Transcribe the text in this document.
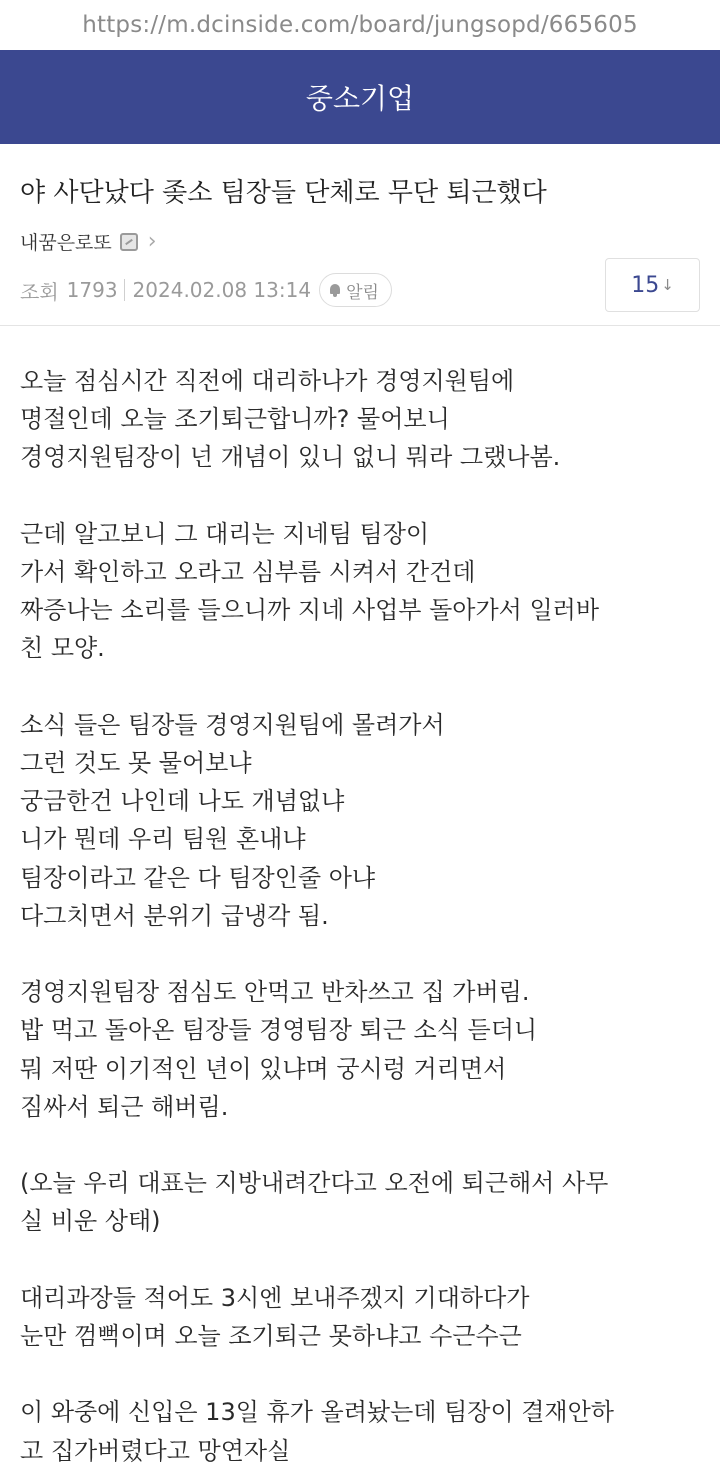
https://m.dcinside.com/board/jungsopd/665605
중소기업
야 사단났다 좆소 팀장들 단체로 무단 퇴근했다
내꿈은로또 ›
조회 1793 2024.02.08 13:14 알림	15 ↓
오늘 점심시간 직전에 대리하나가 경영지원팀에
명절인데 오늘 조기퇴근합니까? 물어보니
경영지원팀장이 넌 개념이 있니 없니 뭐라 그랬나봄.
근데 알고보니 그 대리는 지네팀 팀장이
가서 확인하고 오라고 심부름 시켜서 간건데
짜증나는 소리를 들으니까 지네 사업부 돌아가서 일러바
친 모양.
소식 들은 팀장들 경영지원팀에 몰려가서
그런 것도 못 물어보냐
궁금한건 나인데 나도 개념없냐
니가 뭔데 우리 팀원 혼내냐
팀장이라고 같은 다 팀장인줄 아냐
다그치면서 분위기 급냉각 됨.
경영지원팀장 점심도 안먹고 반차쓰고 집 가버림.
밥 먹고 돌아온 팀장들 경영팀장 퇴근 소식 듣더니
뭐 저딴 이기적인 년이 있냐며 궁시렁 거리면서
짐싸서 퇴근 해버림.
(오늘 우리 대표는 지방내려간다고 오전에 퇴근해서 사무
실 비운 상태)
대리과장들 적어도 3시엔 보내주겠지 기대하다가
눈만 껌뻑이며 오늘 조기퇴근 못하냐고 수근수근
이 와중에 신입은 13일 휴가 올려놨는데 팀장이 결재안하
고 집가버렸다고 망연자실
